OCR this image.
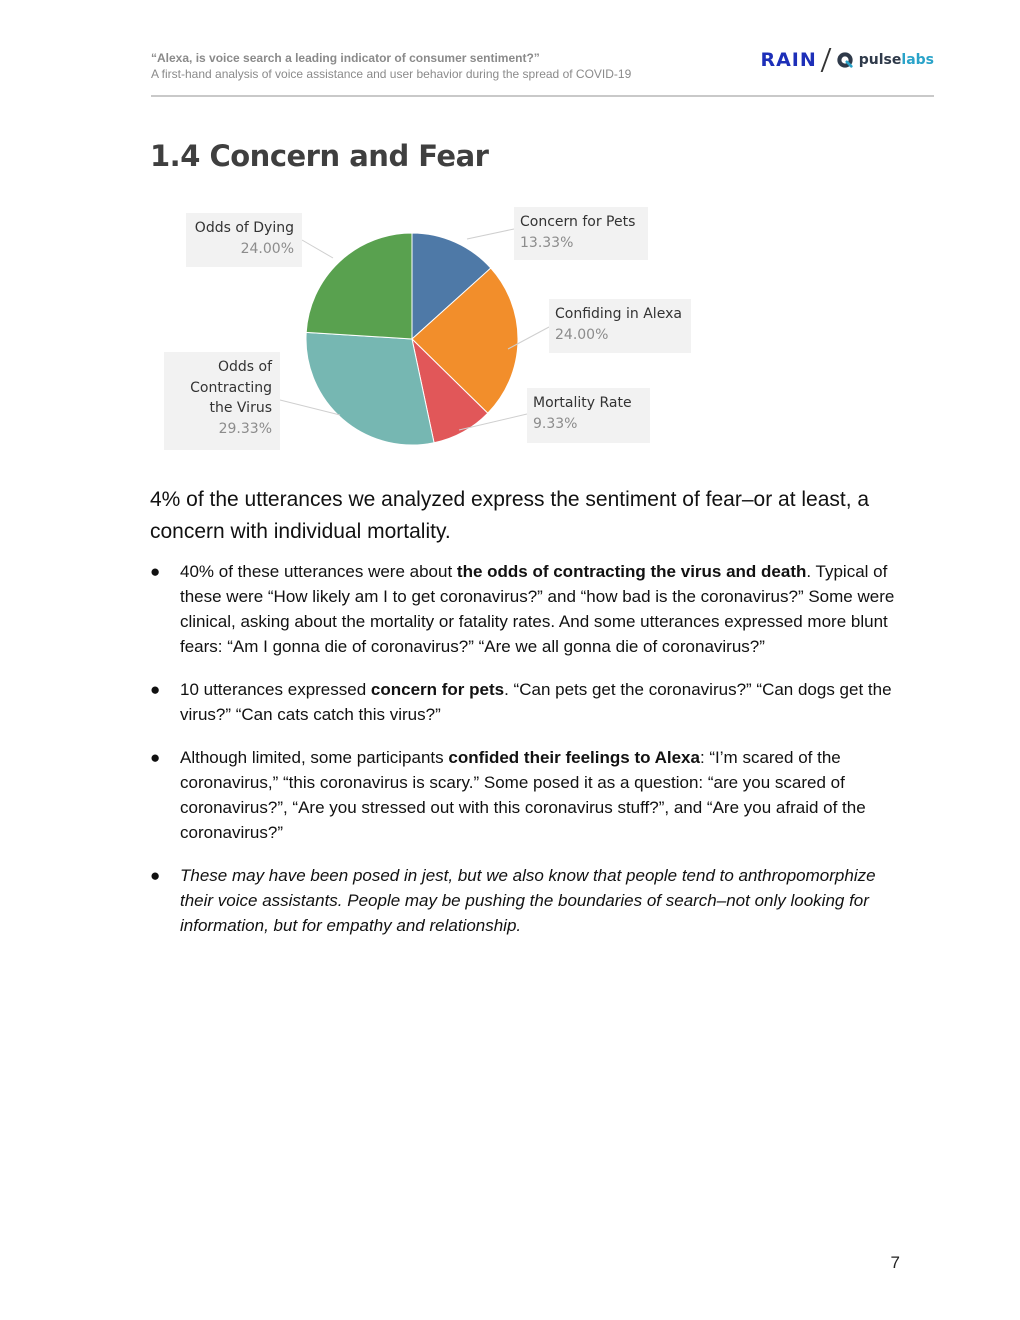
“Alexa, is voice search a leading indicator of consumer sentiment?”
A first-hand analysis of voice assistance and user behavior during the spread of COVID-19
RAIN	pulse labs
1.4 Concern and Fear
Concern for Pets
13.33%
Confiding in Alexa
24.00%
Mortality Rate
9.33%
Odds of
Contracting
the Virus
29.33%
Odds of Dying
24.00%

4% of the utterances we analyzed express the sentiment of fear–or at least, a concern with individual mortality.

● 40% of these utterances were about the odds of contracting the virus and death. Typical of these were “How likely am I to get coronavirus?” and “how bad is the coronavirus?” Some were clinical, asking about the mortality or fatality rates. And some utterances expressed more blunt fears: “Am I gonna die of coronavirus?” “Are we all gonna die of coronavirus?”
● 10 utterances expressed concern for pets. “Can pets get the coronavirus?” “Can dogs get the virus?” “Can cats catch this virus?”
● Although limited, some participants confided their feelings to Alexa: “I’m scared of the coronavirus,” “this coronavirus is scary.” Some posed it as a question: “are you scared of coronavirus?”, “Are you stressed out with this coronavirus stuff?”, and “Are you afraid of the coronavirus?”
● These may have been posed in jest, but we also know that people tend to anthropomorphize their voice assistants. People may be pushing the boundaries of search–not only looking for information, but for empathy and relationship.
7
